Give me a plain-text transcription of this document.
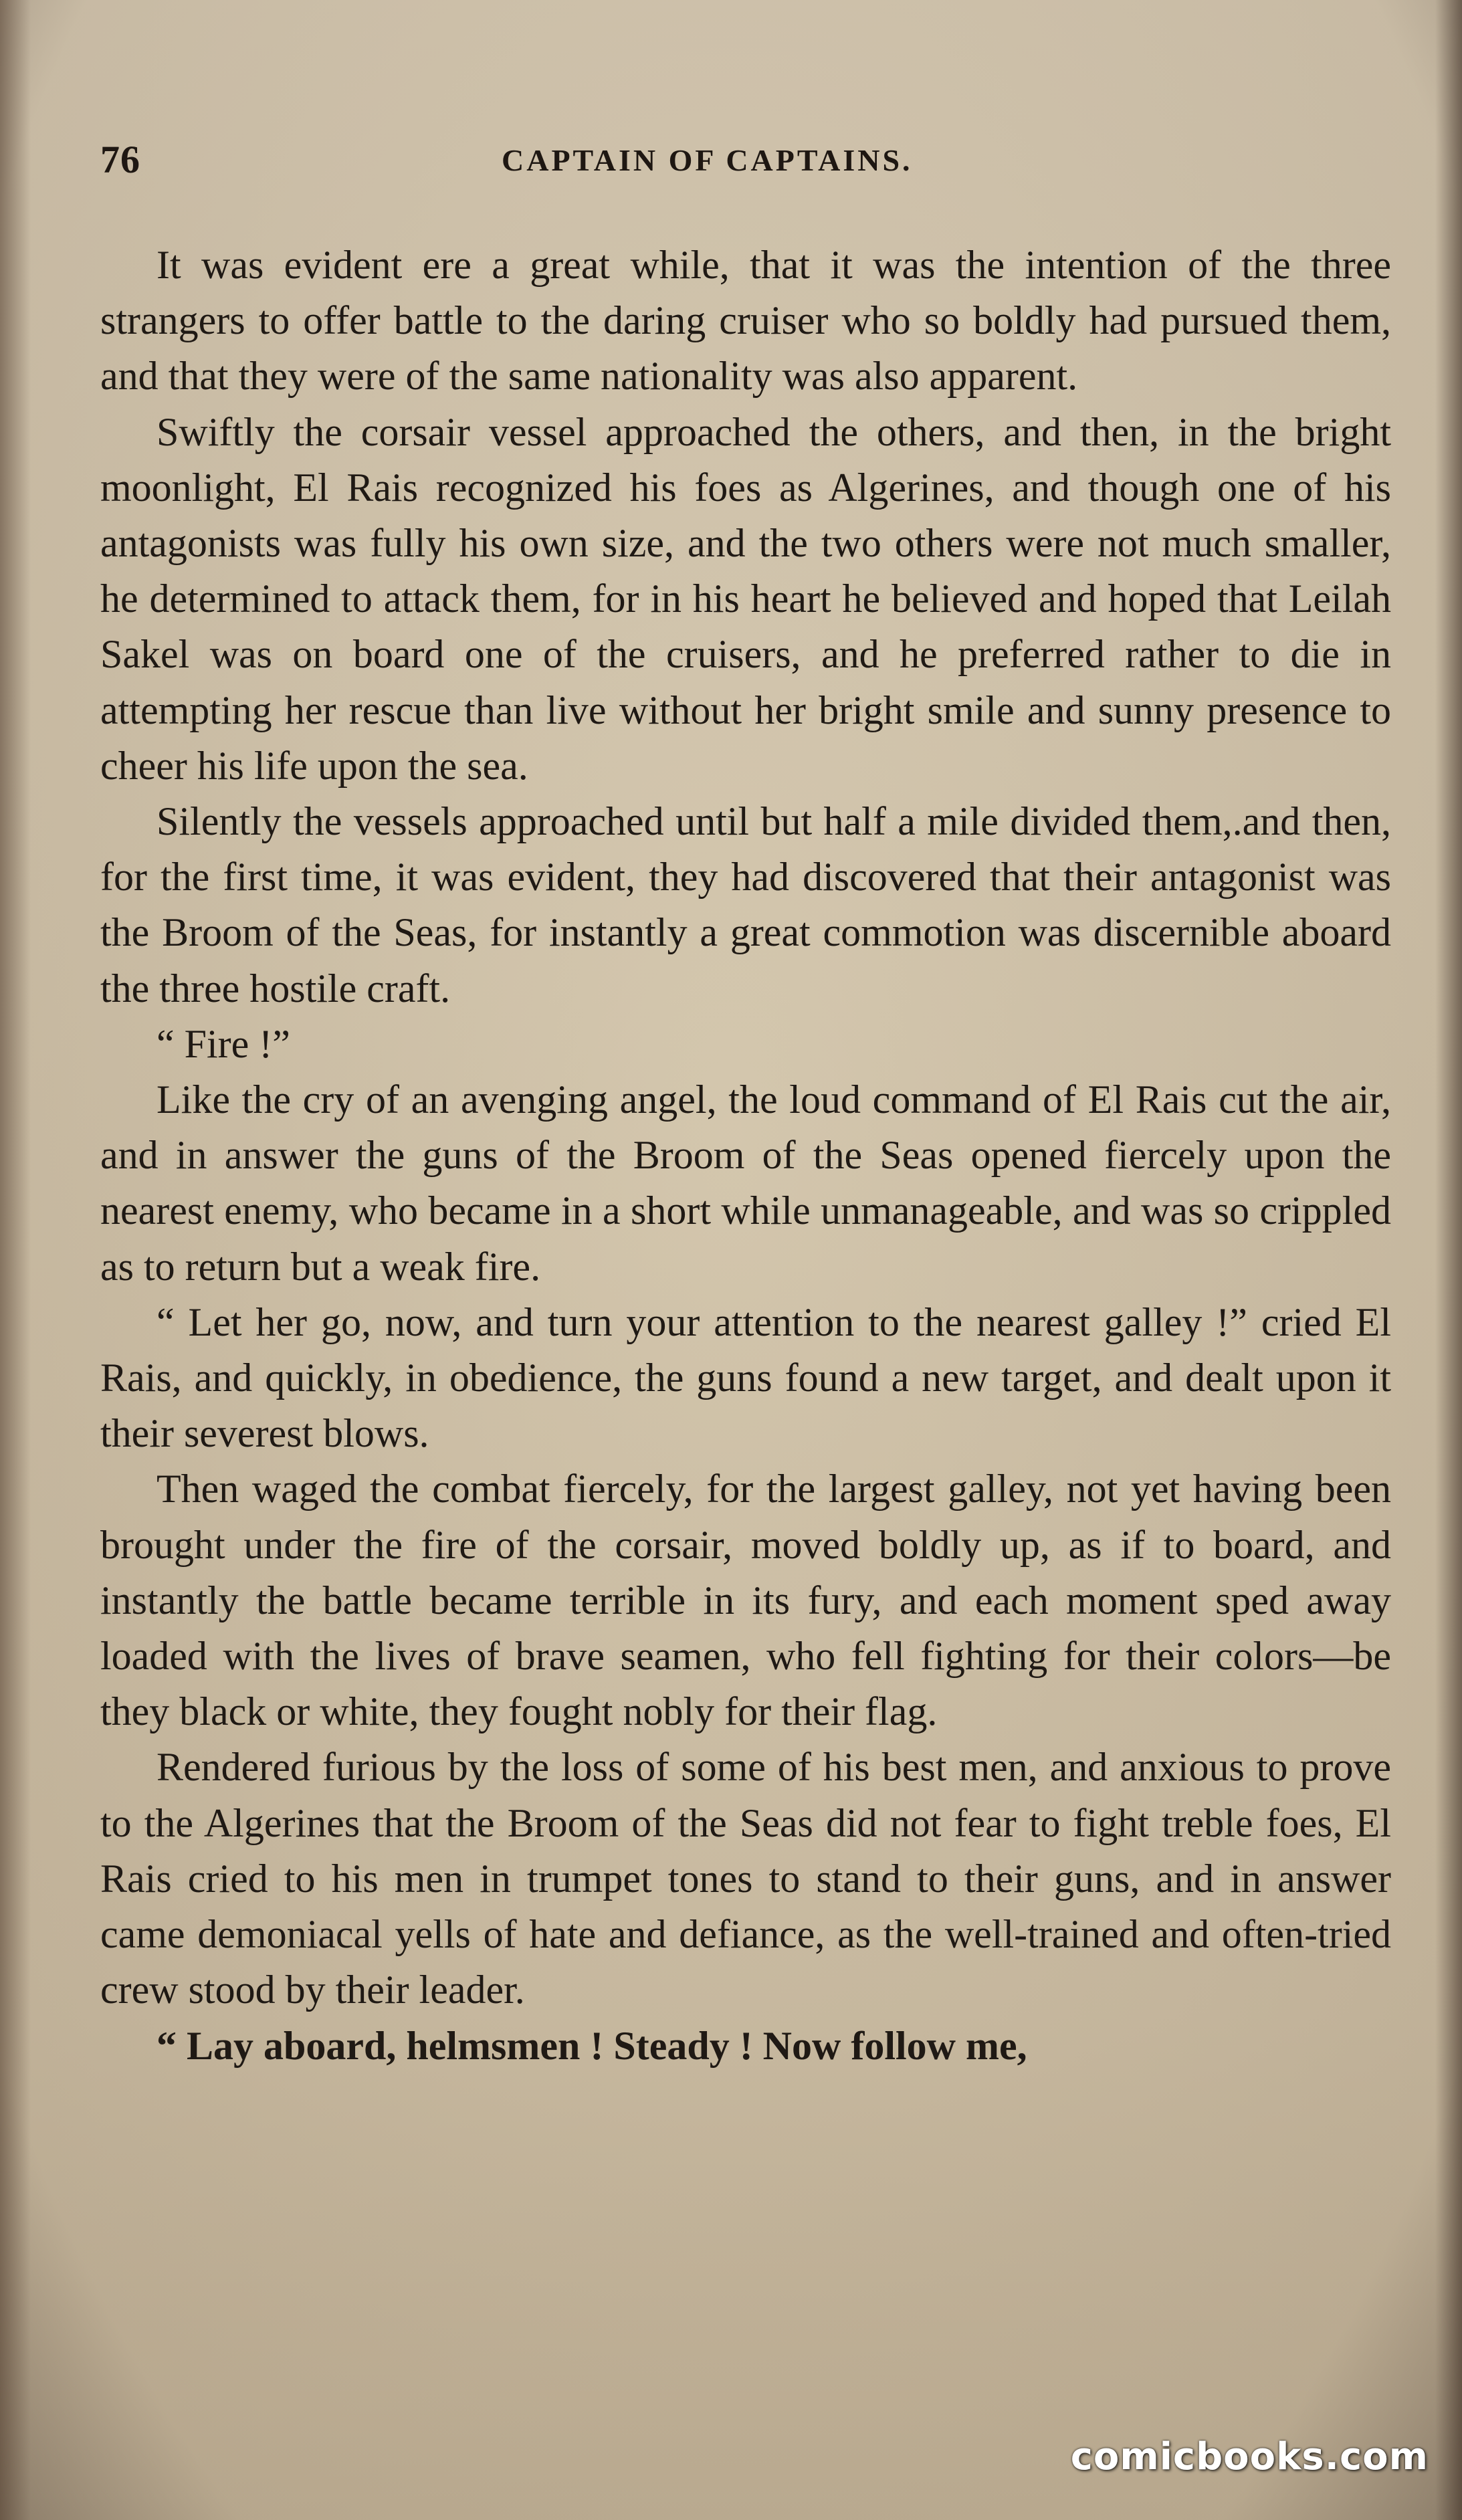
76	CAPTAIN OF CAPTAINS.

It was evident ere a great while, that it was the intention of the three strangers to offer battle to the daring cruiser who so boldly had pursued them, and that they were of the same nationality was also apparent.

Swiftly the corsair vessel approached the others, and then, in the bright moonlight, El Rais recognized his foes as Algerines, and though one of his antagonists was fully his own size, and the two others were not much smaller, he determined to attack them, for in his heart he believed and hoped that Leilah Sakel was on board one of the cruisers, and he preferred rather to die in attempting her rescue than live without her bright smile and sunny presence to cheer his life upon the sea.

Silently the vessels approached until but half a mile divided them,.and then, for the first time, it was evident, they had discovered that their antagonist was the Broom of the Seas, for instantly a great commotion was discernible aboard the three hostile craft.

“ Fire !”

Like the cry of an avenging angel, the loud command of El Rais cut the air, and in answer the guns of the Broom of the Seas opened fiercely upon the nearest enemy, who became in a short while unmanageable, and was so crippled as to return but a weak fire.

“ Let her go, now, and turn your attention to the nearest galley !” cried El Rais, and quickly, in obedience, the guns found a new target, and dealt upon it their severest blows.

Then waged the combat fiercely, for the largest galley, not yet having been brought under the fire of the corsair, moved boldly up, as if to board, and instantly the battle became terrible in its fury, and each moment sped away loaded with the lives of brave seamen, who fell fighting for their colors—be they black or white, they fought nobly for their flag.

Rendered furious by the loss of some of his best men, and anxious to prove to the Algerines that the Broom of the Seas did not fear to fight treble foes, El Rais cried to his men in trumpet tones to stand to their guns, and in answer came demoniacal yells of hate and defiance, as the well-trained and often-tried crew stood by their leader.

“ Lay aboard, helmsmen ! Steady ! Now follow me,

comicbooks.com
